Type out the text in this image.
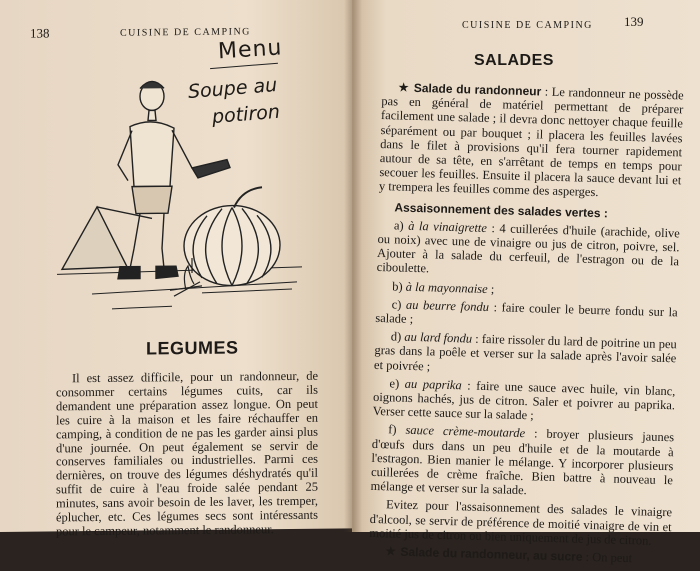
138	CUISINE DE CAMPING
Menu
Soupe au
potiron
LEGUMES

Il est assez difficile, pour un randonneur, de consommer certains légumes cuits, car ils demandent une préparation assez longue. On peut les cuire à la maison et les faire réchauffer en camping, à condition de ne pas les garder ainsi plus d'une journée. On peut également se servir de conserves familiales ou industrielles. Parmi ces dernières, on trouve des légumes déshydratés qu'il suffit de cuire à l'eau froide salée pendant 25 minutes, sans avoir besoin de les laver, les tremper, éplucher, etc. Ces légumes secs sont intéressants pour le campeur, notamment le randonneur.

CUISINE DE CAMPING 139
SALADES

★ Salade du randonneur : Le randonneur ne possède pas en général de matériel permettant de préparer facilement une salade ; il devra donc nettoyer chaque feuille séparément ou par bouquet ; il placera les feuilles lavées dans le filet à provisions qu'il fera tourner rapidement autour de sa tête, en s'arrêtant de temps en temps pour secouer les feuilles. Ensuite il placera la sauce devant lui et y trempera les feuilles comme des asperges.

Assaisonnement des salades vertes :

a) à la vinaigrette : 4 cuillerées d'huile (arachide, olive ou noix) avec une de vinaigre ou jus de citron, poivre, sel. Ajouter à la salade du cerfeuil, de l'estragon ou de la ciboulette.

b) à la mayonnaise ;

c) au beurre fondu : faire couler le beurre fondu sur la salade ;

d) au lard fondu : faire rissoler du lard de poitrine un peu gras dans la poêle et verser sur la salade après l'avoir salée et poivrée ;

e) au paprika : faire une sauce avec huile, vin blanc, oignons hachés, jus de citron. Saler et poivrer au paprika. Verser cette sauce sur la salade ;

f) sauce crème-moutarde : broyer plusieurs jaunes d'œufs durs dans un peu d'huile et de la moutarde à l'estragon. Bien manier le mélange. Y incorporer plusieurs cuillerées de crème fraîche. Bien battre à nouveau le mélange et verser sur la salade.

Evitez pour l'assaisonnement des salades le vinaigre d'alcool, se servir de préférence de moitié vinaigre de vin et moitié jus de citron ou bien uniquement de jus de citron.

★ Salade du randonneur, au sucre : On peut
